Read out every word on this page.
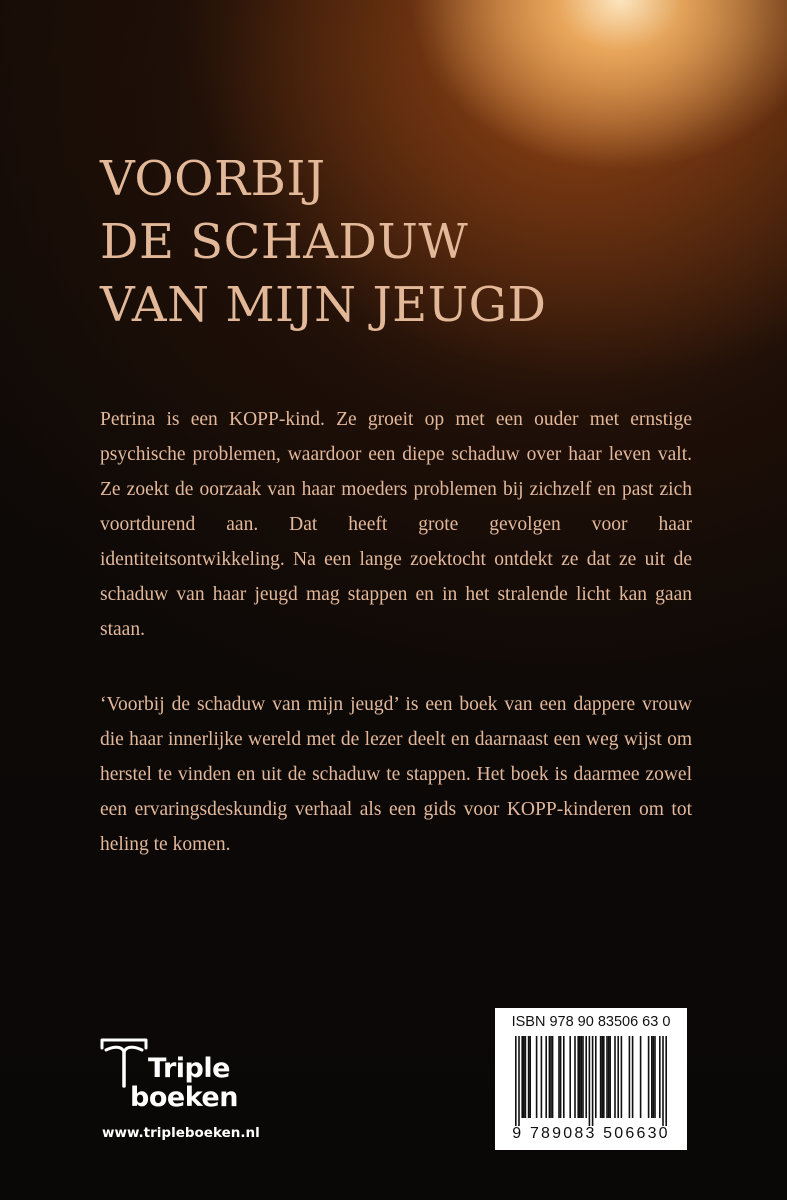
VOORBIJ
DE SCHADUW
VAN MIJN JEUGD

Petrina is een KOPP-kind. Ze groeit op met een ouder met ernstige psychische problemen, waardoor een diepe schaduw over haar leven valt. Ze zoekt de oorzaak van haar moeders problemen bij zichzelf en past zich voortdurend aan. Dat heeft grote gevolgen voor haar identiteitsontwikkeling. Na een lange zoektocht ontdekt ze dat ze uit de schaduw van haar jeugd mag stappen en in het stralende licht kan gaan staan.

‘Voorbij de schaduw van mijn jeugd’ is een boek van een dappere vrouw die haar innerlijke wereld met de lezer deelt en daarnaast een weg wijst om herstel te vinden en uit de schaduw te stappen. Het boek is daarmee zowel een ervaringsdeskundig verhaal als een gids voor KOPP-kinderen om tot heling te komen.

Triple
boeken
www.tripleboeken.nl
ISBN 978 90 83506 63 0
9 789083 506630
